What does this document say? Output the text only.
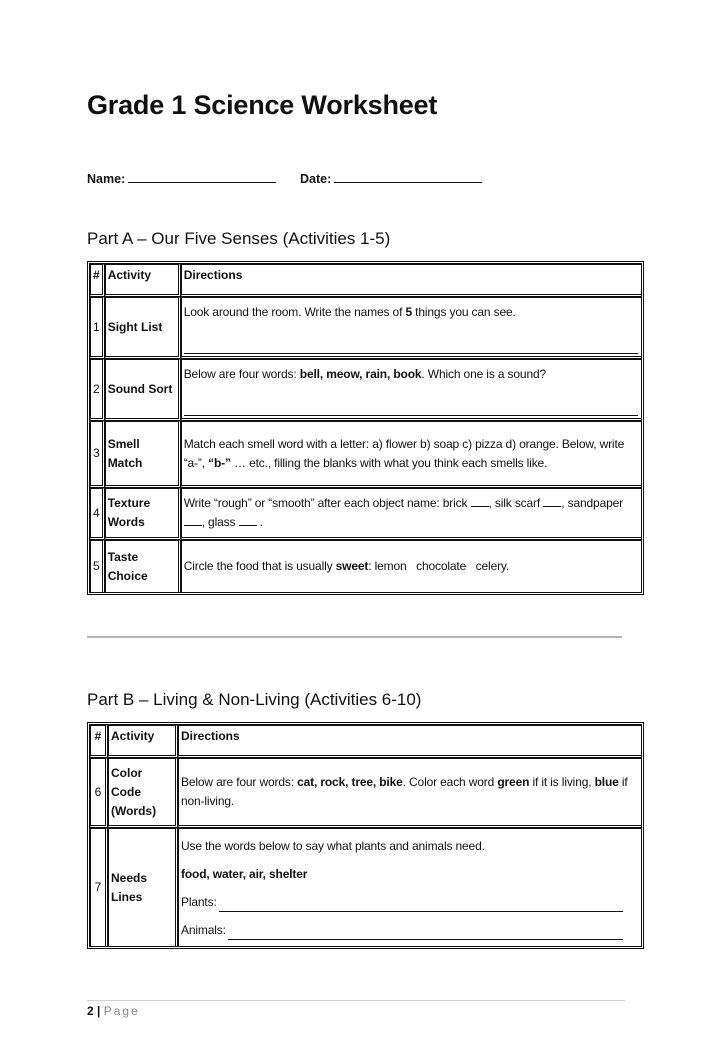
Grade 1 Science Worksheet
Name:	Date:
Part A – Our Five Senses (Activities 1-5)
#	Activity	Directions
1	Sight List	Look around the room. Write the names of 5 things you can see.

2	Sound Sort	Below are four words: bell, meow, rain, book. Which one is a sound?

3	Smell Match	Match each smell word with a letter: a) flower b) soap c) pizza d) orange. Below, write “a-”, “b-” … etc., filling the blanks with what you think each smells like.
4	Texture Words	Write “rough” or “smooth” after each object name: brick , silk scarf , sandpaper , glass .
5	Taste Choice	Circle the food that is usually sweet: lemon   chocolate   celery.
Part B – Living & Non-Living (Activities 6-10)
#	Activity	Directions
6	Color Code (Words)	Below are four words: cat, rock, tree, bike. Color each word green if it is living, blue if non-living.
7	Needs Lines	Use the words below to say what plants and animals need.
food, water, air, shelter
Plants:
Animals:
2 | Page
